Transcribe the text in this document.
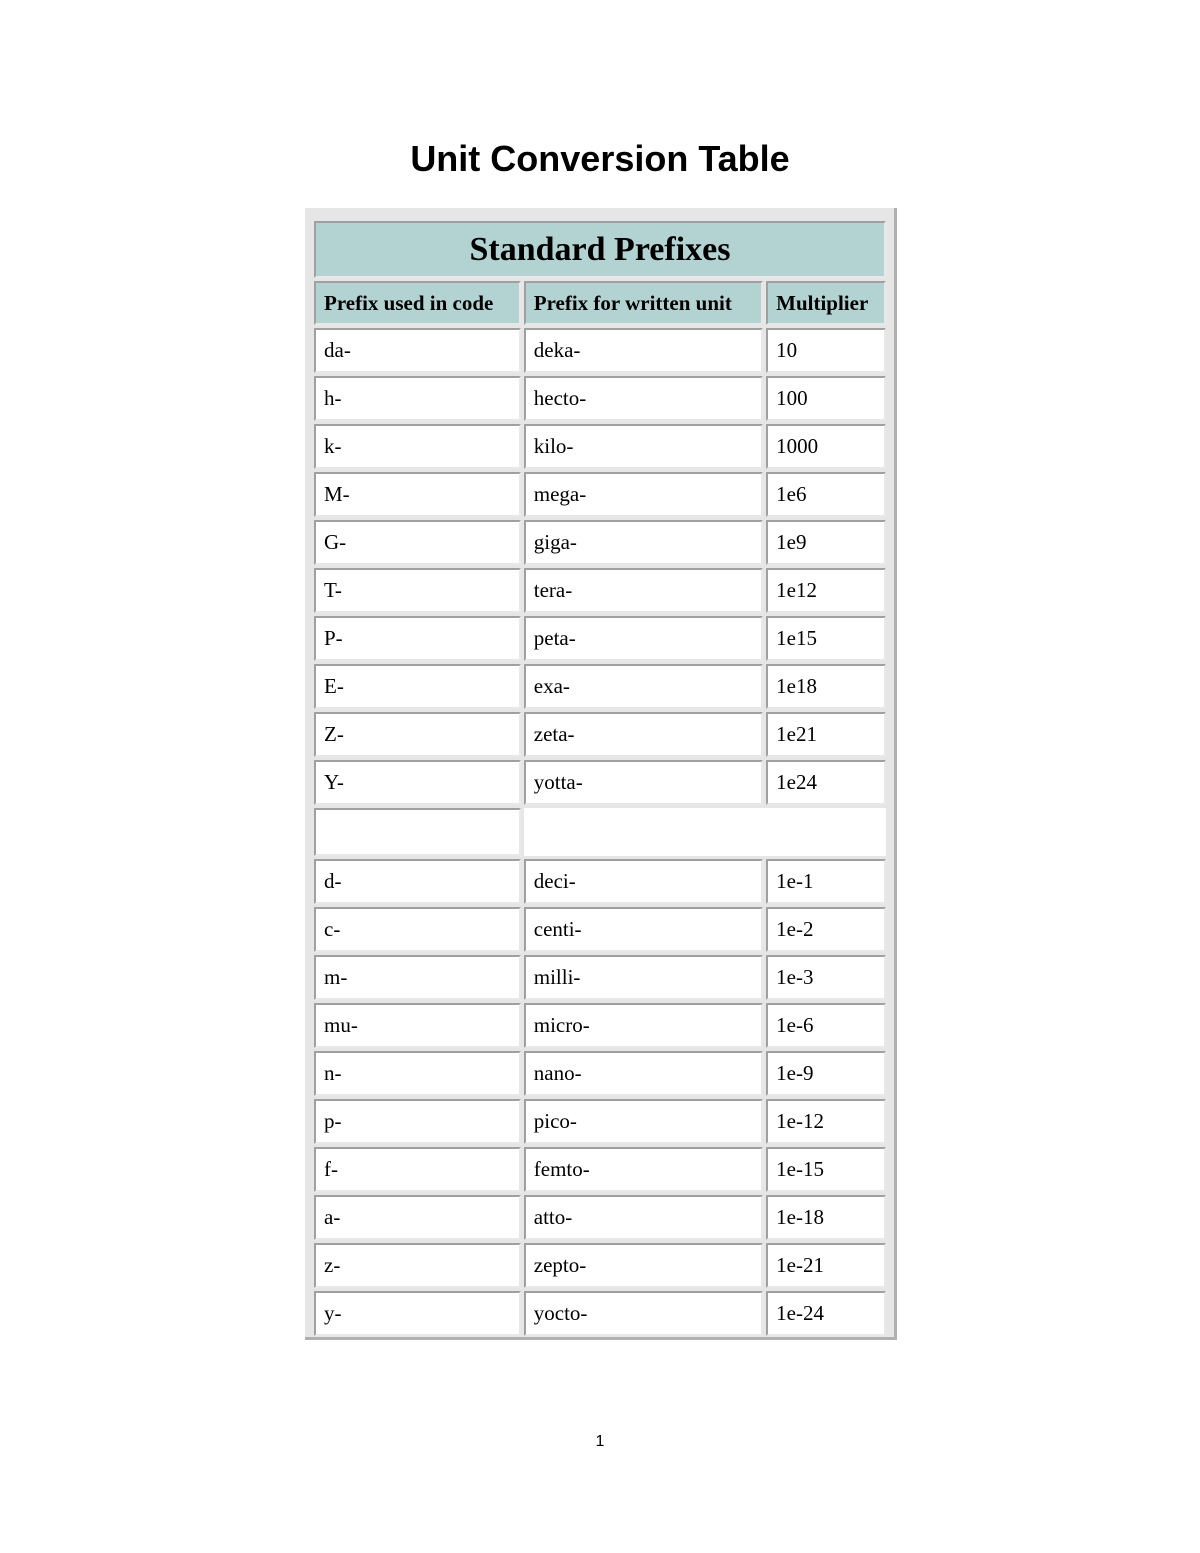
Unit Conversion Table
Standard Prefixes		
Prefix used in code	Prefix for written unit	Multiplier
da-	deka-	10
h-	hecto-	100
k-	kilo-	1000
M-	mega-	1e6
G-	giga-	1e9
T-	tera-	1e12
P-	peta-	1e15
E-	exa-	1e18
Z-	zeta-	1e21
Y-	yotta-	1e24

d-	deci-	1e-1
c-	centi-	1e-2
m-	milli-	1e-3
mu-	micro-	1e-6
n-	nano-	1e-9
p-	pico-	1e-12
f-	femto-	1e-15
a-	atto-	1e-18
z-	zepto-	1e-21
y-	yocto-	1e-24
1
